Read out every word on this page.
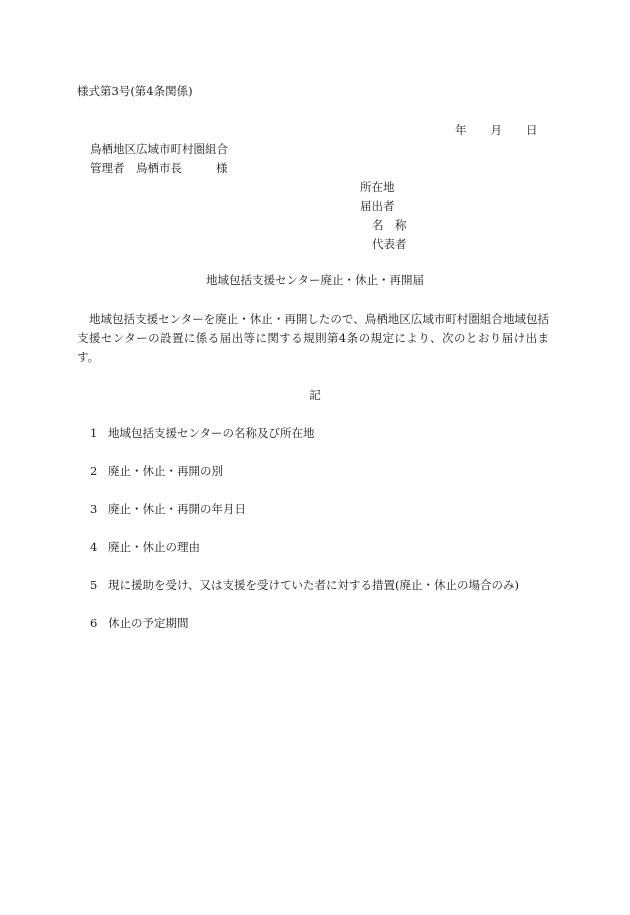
様式第3号(第4条関係)
年 月 日
鳥栖地区広域市町村圏組合
管理者　 鳥栖市長	様
所在地
届出者
名　称
代表者
地域包括支援センター廃止・休止・再開届
地域包括支援センターを廃止・休止・再開したので、鳥栖地区広域市町村圏組合地域包括支援センターの設置に係る届出等に関する規則第4条の規定により、次のとおり届け出ます。
記
1 地域包括支援センターの名称及び所在地
2 廃止・休止・再開の別
3 廃止・休止・再開の年月日
4 廃止・休止の理由
5 現に援助を受け、又は支援を受けていた者に対する措置(廃止・休止の場合のみ)
6 休止の予定期間
